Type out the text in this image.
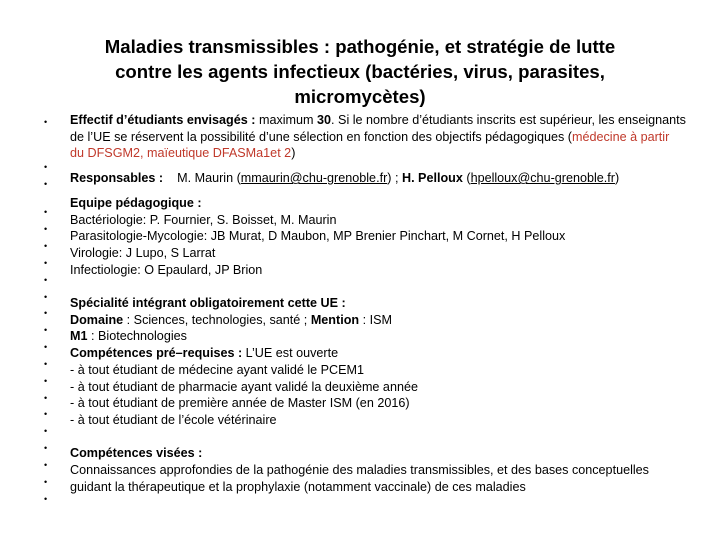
Maladies transmissibles : pathogénie, et stratégie de lutte
contre les agents infectieux (bactéries, virus, parasites,
micromycètes)
•
•
•
•
•
•
•
•
•
•
•
•
•
•
•
•
•
•
•
•
•
Effectif d’étudiants envisagés : maximum 30. Si le nombre d’étudiants inscrits est supérieur, les enseignants de l’UE se réservent la possibilité d’une sélection en fonction des objectifs pédagogiques (médecine à partir du DFSGM2, maïeutique DFASMa1et 2)
Responsables : M. Maurin (mmaurin@chu-grenoble.fr) ; H. Pelloux (hpelloux@chu-grenoble.fr)
Equipe pédagogique :
Bactériologie: P. Fournier, S. Boisset, M. Maurin
Parasitologie-Mycologie: JB Murat, D Maubon, MP Brenier Pinchart, M Cornet, H Pelloux
Virologie: J Lupo, S Larrat
Infectiologie: O Epaulard, JP Brion
Spécialité intégrant obligatoirement cette UE :
Domaine : Sciences, technologies, santé ; Mention : ISM
M1 : Biotechnologies
Compétences pré–requises : L’UE est ouverte
- à tout étudiant de médecine ayant validé le PCEM1
- à tout étudiant de pharmacie ayant validé la deuxième année
- à tout étudiant de première année de Master ISM (en 2016)
- à tout étudiant de l’école vétérinaire
Compétences visées :
Connaissances approfondies de la pathogénie des maladies transmissibles, et des bases conceptuelles guidant la thérapeutique et la prophylaxie (notamment vaccinale) de ces maladies
